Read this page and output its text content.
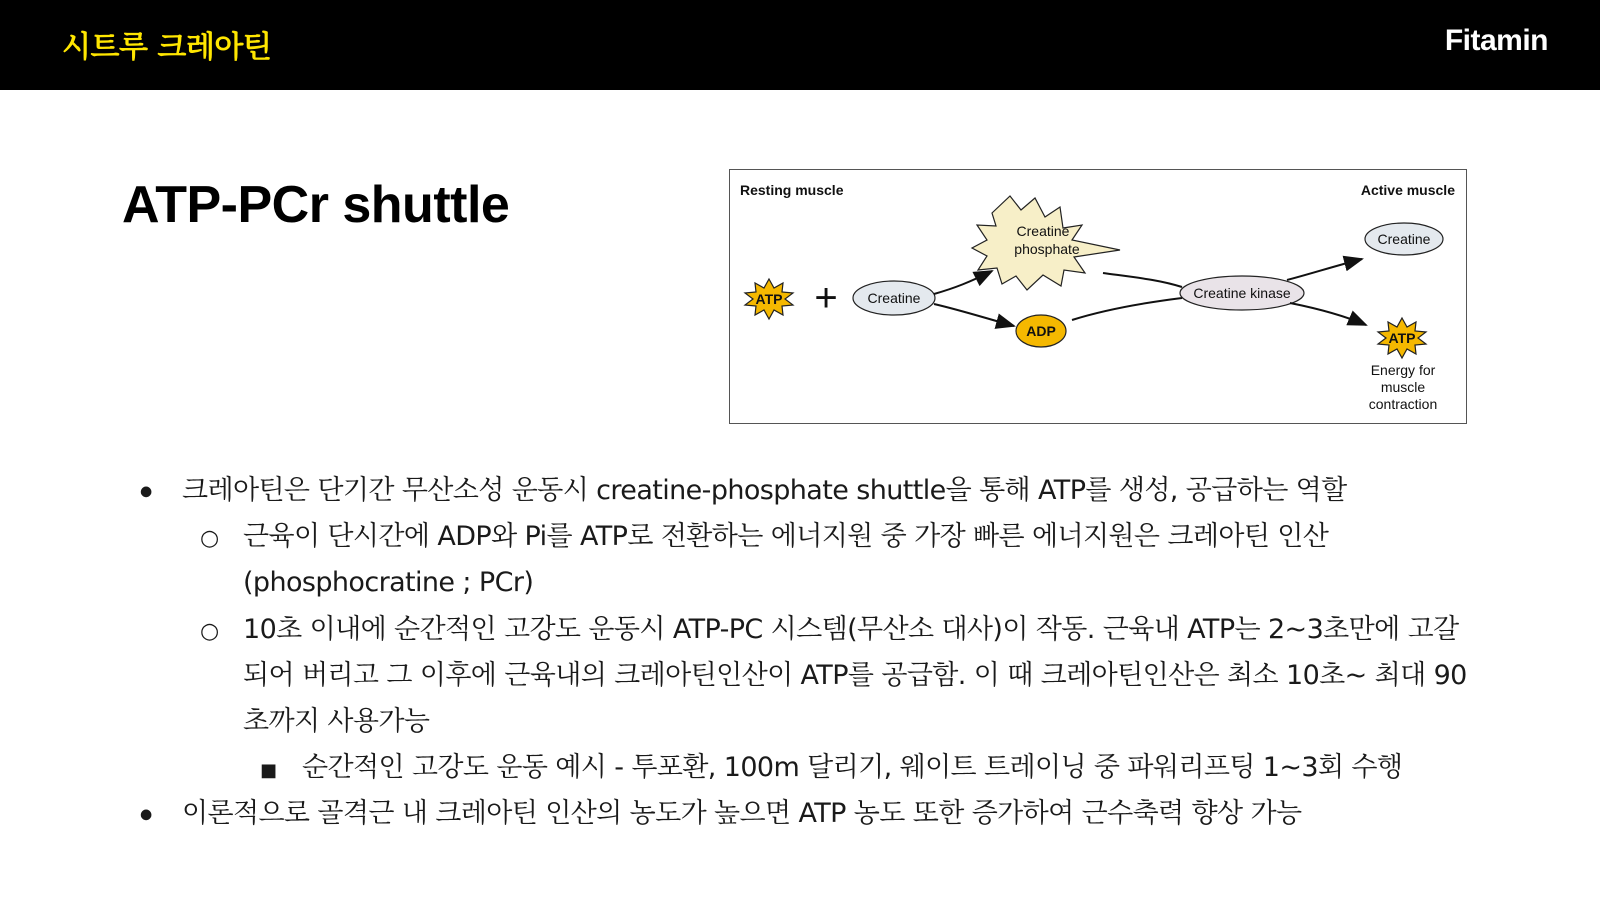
시트루 크레아틴	Fitamin
ATP-PCr shuttle	Resting muscle	Active muscle
ATP + Creatine
Creatine
phosphate
ADP
Creatine kinase
Creatine
ATP
Energy for
muscle
contraction
● 크레아틴은 단기간 무산소성 운동시 creatine-phosphate shuttle을 통해 ATP를 생성, 공급하는 역할
○ 근육이 단시간에 ADP와 Pi를 ATP로 전환하는 에너지원 중 가장 빠른 에너지원은 크레아틴 인산
(phosphocratine ; PCr)
○ 10초 이내에 순간적인 고강도 운동시 ATP-PC 시스템(무산소 대사)이 작동. 근육내 ATP는 2~3초만에 고갈
되어 버리고 그 이후에 근육내의 크레아틴인산이 ATP를 공급함. 이 때 크레아틴인산은 최소 10초~ 최대 90
초까지 사용가능
■ 순간적인 고강도 운동 예시 - 투포환, 100m 달리기, 웨이트 트레이닝 중 파워리프팅 1~3회 수행
● 이론적으로 골격근 내 크레아틴 인산의 농도가 높으면 ATP 농도 또한 증가하여 근수축력 향상 가능
